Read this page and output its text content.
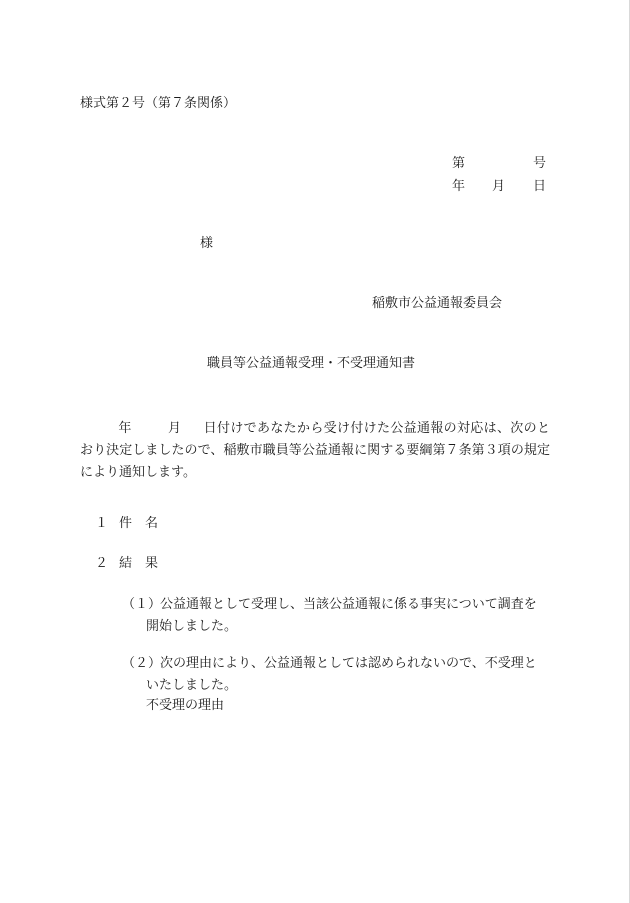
様式第２号（第７条関係）
第	号
年 月 日
様
稲敷市公益通報委員会
職員等公益通報受理・不受理通知書
年	月 日付けであなたから受け付けた公益通報の対応は、次のとおり決定しましたので、稲敷市職員等公益通報に関する要綱第７条第３項の規定により通知します。
１ 件　名
２ 結　果
（１）
公益通報として受理し、当該公益通報に係る事実について調査を
開始しました。
（２）
次の理由により、公益通報としては認められないので、不受理と
いたしました。
不受理の理由
